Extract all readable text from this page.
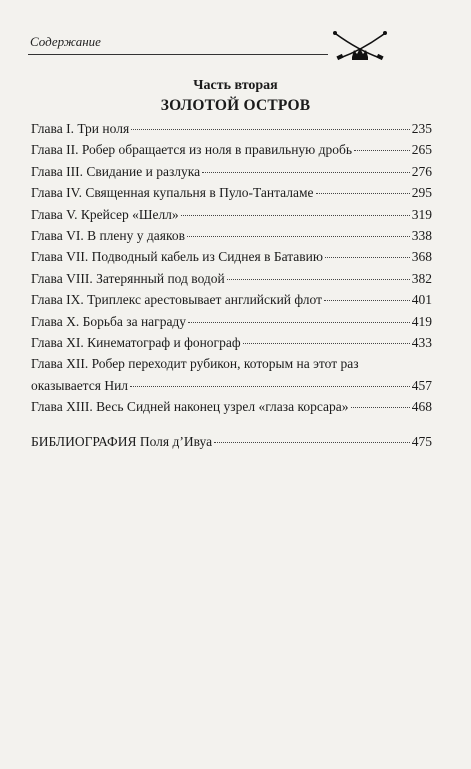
Содержание
Часть вторая
ЗОЛОТОЙ ОСТРОВ
Глава I. Три ноля	235
Глава II. Робер обращается из ноля в правильную дробь	265
Глава III. Свидание и разлука	276
Глава IV. Священная купальня в Пуло-Танталаме	295
Глава V. Крейсер «Шелл»	319
Глава VI. В плену у даяков	338
Глава VII. Подводный кабель из Сиднея в Батавию	368
Глава VIII. Затерянный под водой	382
Глава IX. Триплекс арестовывает английский флот	401
Глава X. Борьба за награду	419
Глава XI. Кинематограф и фонограф	433
Глава XII. Робер переходит рубикон, которым на этот раз
оказывается Нил	457
Глава XIII. Весь Сидней наконец узрел «глаза корсара»	468
БИБЛИОГРАФИЯ Поля д’Ивуа	475
